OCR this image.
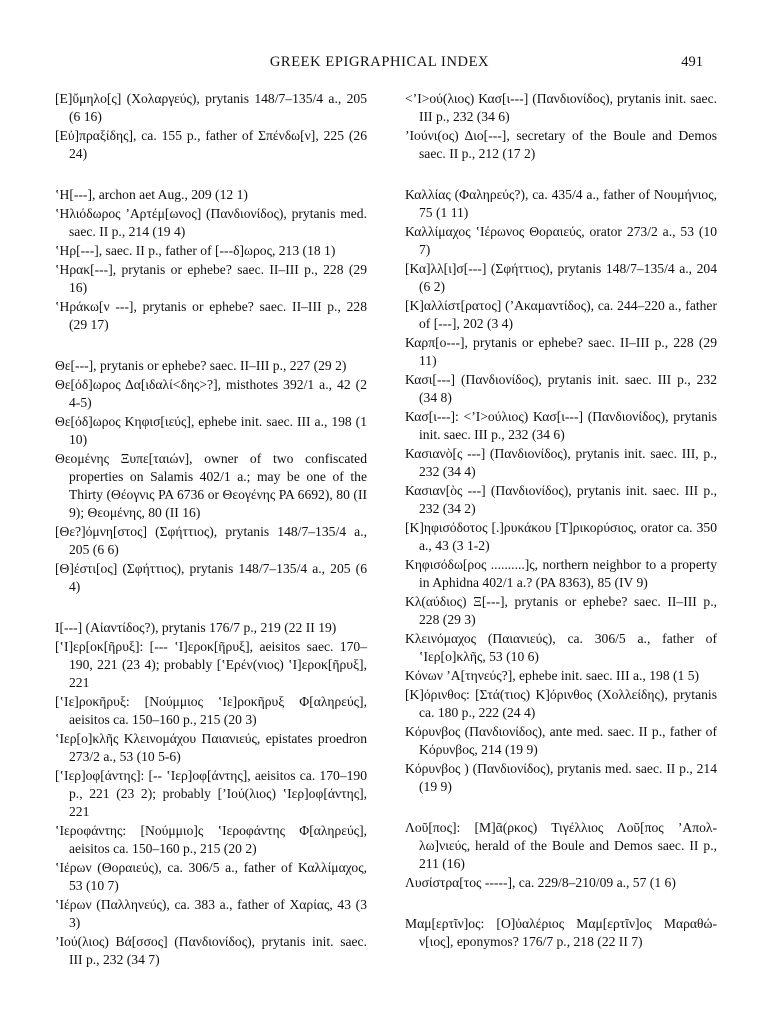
GREEK EPIGRAPHICAL INDEX	491

[Ε]ὔμηλο[ς] (Χολαργεύς), prytanis 148/7–135/4 a., 205 (6 16)

[Εὐ]πραξίδης], ca. 155 p., father of Σπένδω[ν], 225 (26 24)

ʽΗ[---], archon aet Aug., 209 (12 1)

ʽΗλιόδωρος ʼΑρτέμ[ωνος] (Πανδιονίδος), prytanis med. saec. II p., 214 (19 4)

ʽΗρ[---], saec. II p., father of [---δ]ωρος, 213 (18 1)

ʽΗρακ[---], prytanis or ephebe? saec. II–III p., 228 (29 16)

ʽΗράκω[ν ---], prytanis or ephebe? saec. II–III p., 228 (29 17)

Θε[---], prytanis or ephebe? saec. II–III p., 227 (29 2)

Θε[όδ]ωρος Δα[ιδαλί<δης>?], misthotes 392/1 a., 42 (2 4-5)

Θε[όδ]ωρος Κηφισ[ιεύς], ephebe init. saec. III a., 198 (1 10)

Θεομένης Ξυπε[ταιών], owner of two confiscated properties on Salamis 402/1 a.; may be one of the Thirty (Θέογνις PA 6736 or Θεογένης PA 6692), 80 (II 9); Θεομένης, 80 (II 16)

[Θε?]όμνη[στος] (Σφήττιος), prytanis 148/7–135/4 a., 205 (6 6)

[Θ]έστι[ος] (Σφήττιος), prytanis 148/7–135/4 a., 205 (6 4)

Ι[---] (Αἰαντίδος?), prytanis 176/7 p., 219 (22 II 19)

[ʽΙ]ερ[οκ[ῆρυξ]: [--- ʽΙ]εροκ[ῆρυξ], aeisitos saec. 170–190, 221 (23 4); probably [ʽΕρέν(νιος) ʽΙ]εροκ[ῆρυξ], 221

[ʽΙε]ροκῆρυξ: [Νούμμιος ʽΙε]ροκῆρυξ Φ[αληρεύς], aeisitos ca. 150–160 p., 215 (20 3)

ʽΙερ[ο]κλῆς Κλεινομάχου Παιανιεύς, epistates proedron 273/2 a., 53 (10 5-6)

[ʽΙερ]οφ[άντης]: [-- ʽΙερ]οφ[άντης], aeisitos ca. 170–190 p., 221 (23 2); probably [ʼΙού(λιος) ʽΙερ]οφ[άντης], 221

ʽΙεροφάντης: [Νούμμιο]ς ʽΙεροφάντης Φ[αληρεύς], aeisitos ca. 150–160 p., 215 (20 2)

ʽΙέρων (Θοραιεύς), ca. 306/5 a., father of Καλλίμαχος, 53 (10 7)

ʽΙέρων (Παλληνεύς), ca. 383 a., father of Χαρίας, 43 (3 3)

ʼΙού(λιος) Βά[σσος] (Πανδιονίδος), prytanis init. saec. III p., 232 (34 7)

<ʼΙ>ού(λιος) Κασ[ι---] (Πανδιονίδος), prytanis init. saec. III p., 232 (34 6)

ʼΙούνι(ος) Διο[---], secretary of the Boule and Demos saec. II p., 212 (17 2)

Καλλίας (Φαληρεύς?), ca. 435/4 a., father of Νουμήνιος, 75 (1 11)

Καλλίμαχος ʽΙέρωνος Θοραιεύς, orator 273/2 a., 53 (10 7)

[Κα]λλ[ι]σ[---] (Σφήττιος), prytanis 148/7–135/4 a., 204 (6 2)

[Κ]αλλίστ[ρατος] (ʼΑκαμαντίδος), ca. 244–220 a., father of [---], 202 (3 4)

Καρπ[ο---], prytanis or ephebe? saec. II–III p., 228 (29 11)

Κασι[---] (Πανδιονίδος), prytanis init. saec. III p., 232 (34 8)

Κασ[ι---]: <ʼΙ>ούλιος) Κασ[ι---] (Πανδιονίδος), prytanis init. saec. III p., 232 (34 6)

Κασιανὸ[ς ---] (Πανδιονίδος), prytanis init. saec. III, p., 232 (34 4)

Κασιαν[ὸς ---] (Πανδιονίδος), prytanis init. saec. III p., 232 (34 2)

[Κ]ηφισόδοτος [.]ρυκάκου [Τ]ρικορύσιος, orator ca. 350 a., 43 (3 1-2)

Κηφισόδω[ρος ..........]ς, northern neighbor to a property in Aphidna 402/1 a.? (PA 8363), 85 (IV 9)

Κλ(αύδιος) Ξ[---], prytanis or ephebe? saec. II–III p., 228 (29 3)

Κλεινόμαχος (Παιανιεύς), ca. 306/5 a., father of ʽΙερ[ο]κλῆς, 53 (10 6)

Κόνων ʼΑ[τηνεύς?], ephebe init. saec. III a., 198 (1 5)

[Κ]όρινθος: [Στά(τιος) Κ]όρινθος (Χολλείδης), prytanis ca. 180 p., 222 (24 4)

Κόρυνβος (Πανδιονίδος), ante med. saec. II p., father of Κόρυνβος, 214 (19 9)

Κόρυνβος ) (Πανδιονίδος), prytanis med. saec. II p., 214 (19 9)

Λοῦ[πος]: [Μ]ᾶ(ρκος) Τιγέλλιος Λοῦ[πος ʼΑπολ-λω]νιεύς, herald of the Boule and Demos saec. II p., 211 (16)

Λυσίστρα[τος -----], ca. 229/8–210/09 a., 57 (1 6)

Μαμ[ερτῖν]ος: [Ο]ὐαλέριος Μαμ[ερτῖν]ος Μαραθώ-ν[ιος], eponymos? 176/7 p., 218 (22 II 7)
